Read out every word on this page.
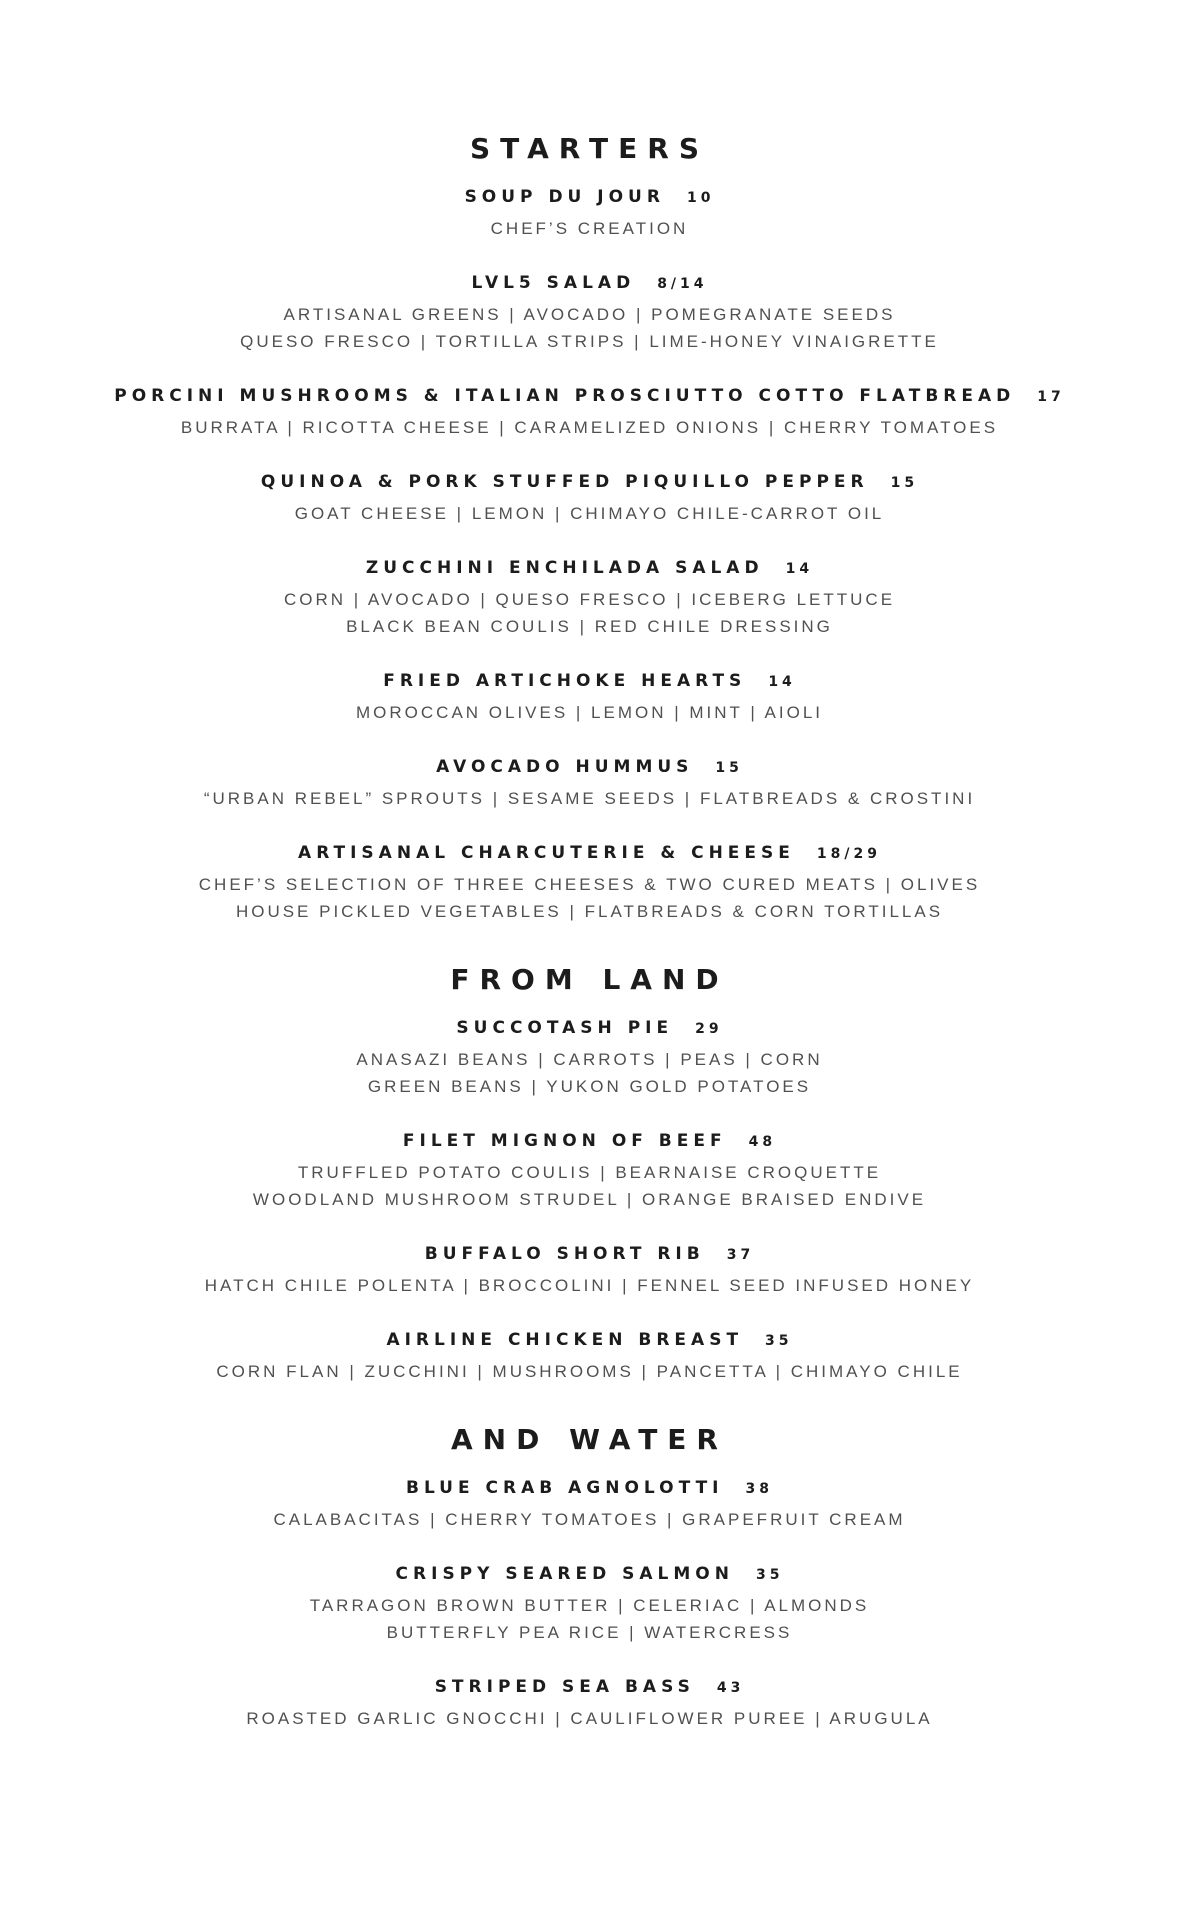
STARTERS
SOUP DU JOUR 10
CHEF’S CREATION
LVL5 SALAD 8/14
ARTISANAL GREENS | AVOCADO | POMEGRANATE SEEDS
QUESO FRESCO | TORTILLA STRIPS | LIME-HONEY VINAIGRETTE
PORCINI MUSHROOMS & ITALIAN PROSCIUTTO COTTO FLATBREAD 17
BURRATA | RICOTTA CHEESE | CARAMELIZED ONIONS | CHERRY TOMATOES
QUINOA & PORK STUFFED PIQUILLO PEPPER 15
GOAT CHEESE | LEMON | CHIMAYO CHILE-CARROT OIL
ZUCCHINI ENCHILADA SALAD 14
CORN | AVOCADO | QUESO FRESCO | ICEBERG LETTUCE
BLACK BEAN COULIS | RED CHILE DRESSING
FRIED ARTICHOKE HEARTS 14
MOROCCAN OLIVES | LEMON | MINT | AIOLI
AVOCADO HUMMUS 15
“URBAN REBEL” SPROUTS | SESAME SEEDS | FLATBREADS & CROSTINI
ARTISANAL CHARCUTERIE & CHEESE 18/29
CHEF’S SELECTION OF THREE CHEESES & TWO CURED MEATS | OLIVES
HOUSE PICKLED VEGETABLES | FLATBREADS & CORN TORTILLAS
FROM LAND
SUCCOTASH PIE 29
ANASAZI BEANS | CARROTS | PEAS | CORN
GREEN BEANS | YUKON GOLD POTATOES
FILET MIGNON OF BEEF 48
TRUFFLED POTATO COULIS | BEARNAISE CROQUETTE
WOODLAND MUSHROOM STRUDEL | ORANGE BRAISED ENDIVE
BUFFALO SHORT RIB 37
HATCH CHILE POLENTA | BROCCOLINI | FENNEL SEED INFUSED HONEY
AIRLINE CHICKEN BREAST 35
CORN FLAN | ZUCCHINI | MUSHROOMS | PANCETTA | CHIMAYO CHILE
AND WATER
BLUE CRAB AGNOLOTTI 38
CALABACITAS | CHERRY TOMATOES | GRAPEFRUIT CREAM
CRISPY SEARED SALMON 35
TARRAGON BROWN BUTTER | CELERIAC | ALMONDS
BUTTERFLY PEA RICE | WATERCRESS
STRIPED SEA BASS 43
ROASTED GARLIC GNOCCHI | CAULIFLOWER PUREE | ARUGULA
